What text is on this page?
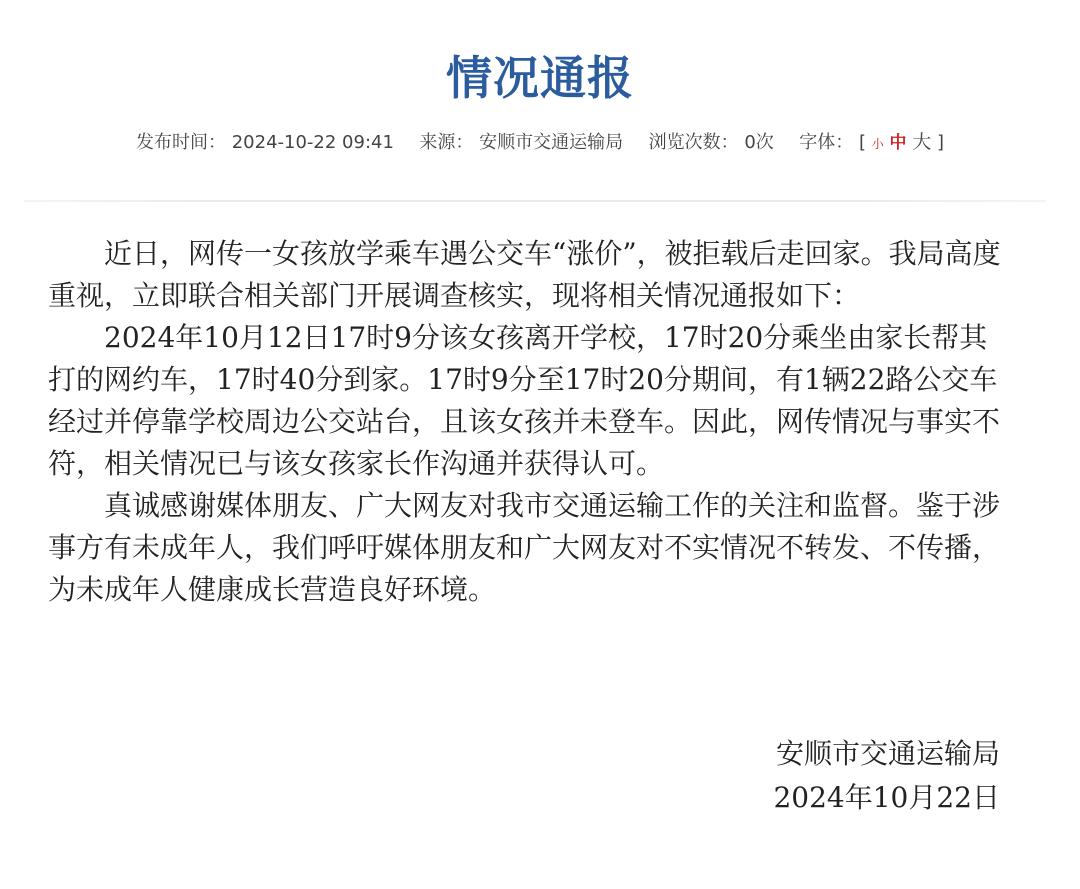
情况通报
发布时间： 2024-10-22 09:41 来源： 安顺市交通运输局 浏览次数： 0次 字体： [ 小 中 大 ]

近日，网传一女孩放学乘车遇公交车“涨价”，被拒载后走回家。我局高度重视，立即联合相关部门开展调查核实，现将相关情况通报如下：

2024年10月12日17时9分该女孩离开学校，17时20分乘坐由家长帮其打的网约车，17时40分到家。17时9分至17时20分期间，有1辆22路公交车经过并停靠学校周边公交站台，且该女孩并未登车。因此，网传情况与事实不符，相关情况已与该女孩家长作沟通并获得认可。

真诚感谢媒体朋友、广大网友对我市交通运输工作的关注和监督。鉴于涉事方有未成年人，我们呼吁媒体朋友和广大网友对不实情况不转发、不传播，为未成年人健康成长营造良好环境。

安顺市交通运输局
2024年10月22日
